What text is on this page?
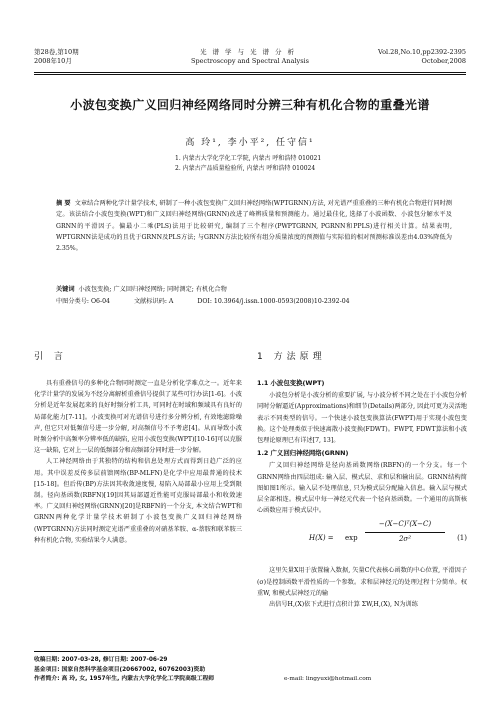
第28卷,第10期
2008年10月
光谱学与光谱分析
Spectroscopy and Spectral Analysis
Vol.28,No.10,pp2392-2395
October,2008
小波包变换广义回归神经网络同时分辨三种有机化合物的重叠光谱
高 玲¹, 李小平², 任守信¹
1. 内蒙古大学化学化工学院, 内蒙古 呼和浩特 010021
2. 内蒙古产品质量检验所, 内蒙古 呼和浩特 010024
摘 要 文章结合两种化学计量学技术, 研制了一种小波包变换广义回归神经网络(WPTGRNN)方法, 对光谱严重重叠的三种有机化合物进行同时测定。该法结合小波包变换(WPT)和广义回归神经网络(GRNN)改进了峰辨质量和预测能力。通过最佳化, 选择了小波函数、小波包分解水平及GRNN的平滑因子。偏最小二乘(PLS)法用于比较研究, 编制了三个程序(PWPTGRNN, PGRNN和PPLS)进行相关计算。结果表明, WPTGRNN法是成功的且优于GRNN及PLS方法; 与GRNN方法比较所有组分质量浓度的预测值与实际值的相对预测标准误差由4.03%降低为2.35%。
关键词 小波包变换; 广义回归神经网络; 同时测定; 有机化合物
中图分类号: O6-04	文献标识码: A	DOI: 10.3964/j.issn.1000-0593(2008)10-2392-04
引 言

具有重叠信号的多种化合物同时测定一直是分析化学难点之一。近年来化学计量学的发展为不经分离解析重叠信号提供了某些可行办法[1-6]。小波分析是近年发展起来的良好时频分析工具, 可同时在时域和频域具有良好的局部化能力[7-11]。小波变换可对光谱信号进行多分辨分析, 有效地滤除噪声, 但它只对低频信号进一步分解, 对高频信号不予考虑[4]。从而导致小波时频分析中高频率分辨率低的缺陷, 应用小波包变换(WPT)[10-16]可以克服这一缺陷, 它对上一层的低频部分和高频部分同时进一步分解。

人工神经网络由于其独特的结构和信息处理方式而得到日趋广泛的应用。其中误差反传多层前馈网络(BP-MLFN)是化学中应用最普通的技术[15-18]。但后传(BP)方法因其收敛速度慢, 易陷入局部最小应用上受到限制。径向基函数(RBFN)[19]因其局部逼近性能可克服局部最小和收敛速率。广义回归神经网络(GRNN)[20]是RBFN的一个分支, 本文结合WPT和GRNN两种化学计量学技术研制了小波包变换广义回归神经网络(WPTGRNN)方法同时测定光谱严重重叠的对硝基苯胺、α-萘胺和联苯胺三种有机化合物, 实验结果令人满意。

1 方法原理
1.1 小波包变换(WPT)

小波包分析是小波分析的重要扩展, 与小波分析不同之处在于小波包分析同时分解逼近(Approximations)和细节(Details)两部分, 因此可更为灵活地表示不同类型的信号。一个快速小波包变换算法(FWPT)用于实现小波包变换。这个处理类似于快速离散小波变换(FDWT)。FWPT, FDWT算法和小波包理论原理已有详述[7, 13]。

1.2 广义回归神经网络(GRNN)

广义回归神经网络是径向基函数网络(RBFN)的一个分支。每一个GRNN网络由四层组成: 输入层、模式层、求和层和输出层。GRNN结构简图如图1所示。输入层不处理信息, 只为模式层分配输入信息。输入层与模式层全部相连。模式层中每一神经元代表一个径向基函数。一个通用的高斯核心函数应用于模式层中。

$H(X) = \exp \frac{\text{−(X−C)ᵀ(X−C)}}{\text{2σ²}} (1)$

这里矢量X用于放置输入数据, 矢量C代表核心函数的中心位置, 平滑因子(σ)是控制函数平滑性质的一个参数。求和层神经元的处理过程十分简单。权重W, 和模式层神经元的输

出信号H,(X)依下式进行点积计算 ΣW,H,(X), N为训练

收稿日期: 2007-03-28, 修订日期: 2007-06-29
基金项目: 国家自然科学基金项目(20667002, 60762003)资助
作者简介: 高 玲, 女, 1957年生, 内蒙古大学化学化工学院高级工程师	e-mail: lingyuxi@hotmail.com
